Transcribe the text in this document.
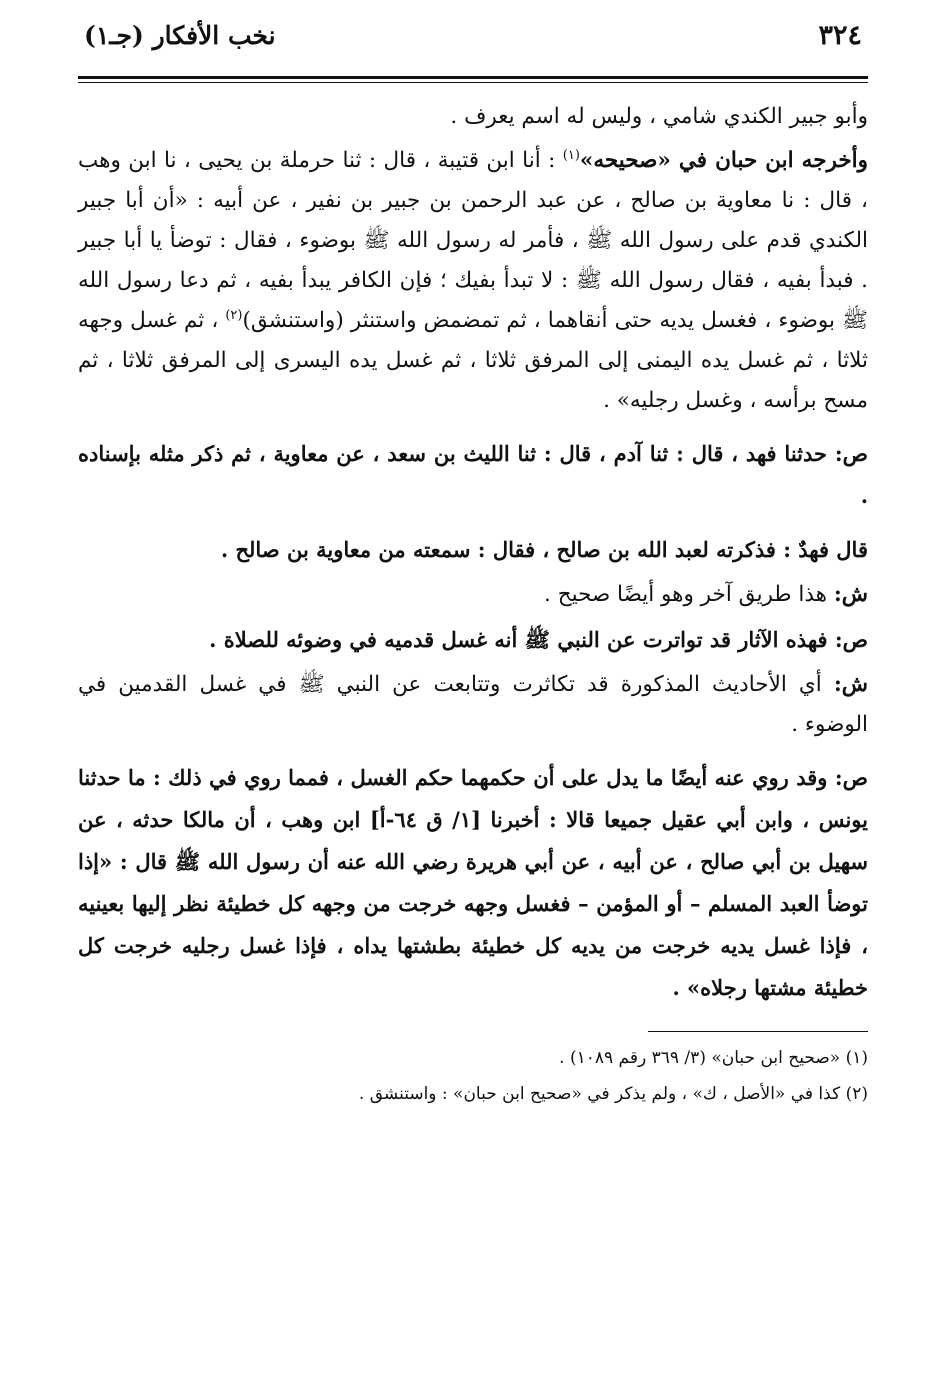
٣٢٤
نخب الأفكار (جـ١)

وأبو جبير الكندي شامي ، وليس له اسم يعرف .

وأخرجه ابن حبان في «صحيحه»$^{(١)}$ : أنا ابن قتيبة ، قال : ثنا حرملة بن يحيى ، نا ابن وهب ، قال : نا معاوية بن صالح ، عن عبد الرحمن بن جبير بن نفير ، عن أبيه : «أن أبا جبير الكندي قدم على رسول الله ﷺ ، فأمر له رسول الله ﷺ بوضوء ، فقال : توضأ يا أبا جبير . فبدأ بفيه ، فقال رسول الله ﷺ : لا تبدأ بفيك ؛ فإن الكافر يبدأ بفيه ، ثم دعا رسول الله ﷺ بوضوء ، فغسل يديه حتى أنقاهما ، ثم تمضمض واستنثر (واستنشق)$^{(٢)}$ ، ثم غسل وجهه ثلاثا ، ثم غسل يده اليمنى إلى المرفق ثلاثا ، ثم غسل يده اليسرى إلى المرفق ثلاثا ، ثم مسح برأسه ، وغسل رجليه» .

ص: حدثنا فهد ، قال : ثنا آدم ، قال : ثنا الليث بن سعد ، عن معاوية ، ثم ذكر مثله بإسناده .

قال فهدٌ : فذكرته لعبد الله بن صالح ، فقال : سمعته من معاوية بن صالح .

ش: هذا طريق آخر وهو أيضًا صحيح .

ص: فهذه الآثار قد تواترت عن النبي ﷺ أنه غسل قدميه في وضوئه للصلاة .

ش: أي الأحاديث المذكورة قد تكاثرت وتتابعت عن النبي ﷺ في غسل القدمين في الوضوء .

ص: وقد روي عنه أيضًا ما يدل على أن حكمهما حكم الغسل ، فمما روي في ذلك : ما حدثنا يونس ، وابن أبي عقيل جميعا قالا : أخبرنا [١/ ق ٦٤-أ] ابن وهب ، أن مالكا حدثه ، عن سهيل بن أبي صالح ، عن أبيه ، عن أبي هريرة رضي الله عنه أن رسول الله ﷺ قال : «إذا توضأ العبد المسلم – أو المؤمن – فغسل وجهه خرجت من وجهه كل خطيئة نظر إليها بعينيه ، فإذا غسل يديه خرجت من يديه كل خطيئة بطشتها يداه ، فإذا غسل رجليه خرجت كل خطيئة مشتها رجلاه» .

(١) «صحيح ابن حبان» (٣/ ٣٦٩ رقم ١٠٨٩) .

(٢) كذا في «الأصل ، ك» ، ولم يذكر في «صحيح ابن حبان» : واستنشق .
